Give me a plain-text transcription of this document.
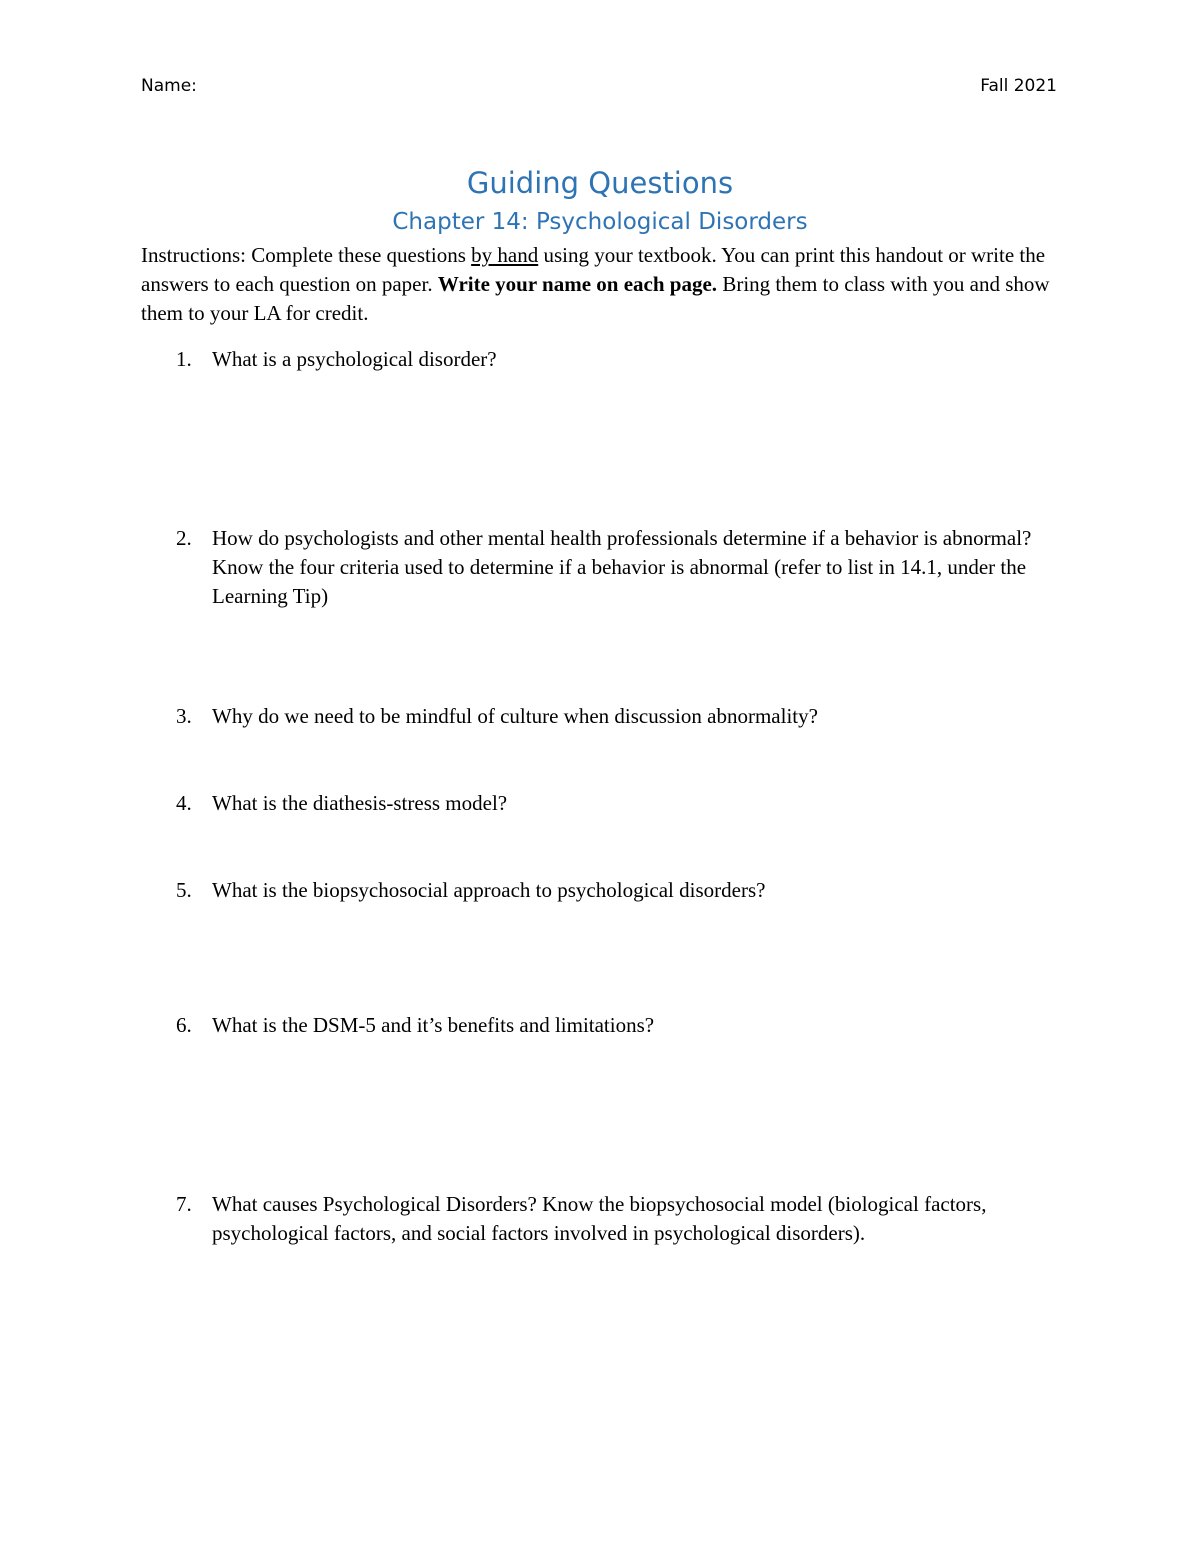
Name:	Fall 2021
Guiding Questions
Chapter 14: Psychological Disorders

Instructions: Complete these questions by hand using your textbook. You can print this handout or write the answers to each question on paper. Write your name on each page. Bring them to class with you and show them to your LA for credit.

1. What is a psychological disorder?
2. How do psychologists and other mental health professionals determine if a behavior is abnormal? Know the four criteria used to determine if a behavior is abnormal (refer to list in 14.1, under the Learning Tip)
3. Why do we need to be mindful of culture when discussion abnormality?
4. What is the diathesis-stress model?
5. What is the biopsychosocial approach to psychological disorders?
6. What is the DSM-5 and it’s benefits and limitations?
7. What causes Psychological Disorders? Know the biopsychosocial model (biological factors, psychological factors, and social factors involved in psychological disorders).
